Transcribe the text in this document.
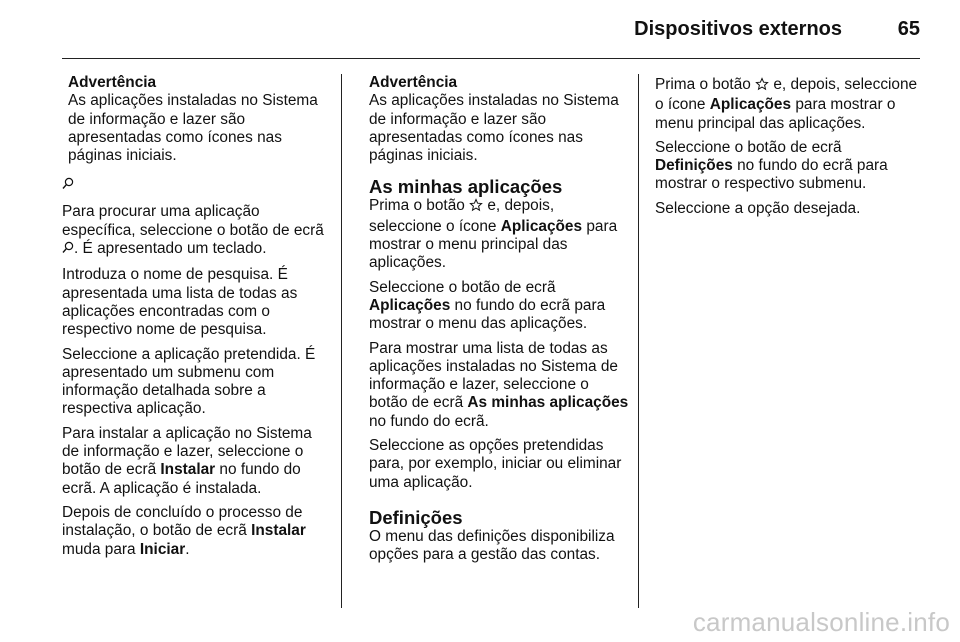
Dispositivos externos	65
Advertência
As aplicações instaladas no Sistema de informação e lazer são apresentadas como ícones nas páginas iniciais.

Para procurar uma aplicação específica, seleccione o botão de ecrã . É apresentado um teclado.

Introduza o nome de pesquisa. É apresentada uma lista de todas as aplicações encontradas com o respectivo nome de pesquisa.

Seleccione a aplicação pretendida. É apresentado um submenu com informação detalhada sobre a respectiva aplicação.

Para instalar a aplicação no Sistema de informação e lazer, seleccione o botão de ecrã Instalar no fundo do ecrã. A aplicação é instalada.

Depois de concluído o processo de instalação, o botão de ecrã Instalar muda para Iniciar.

Advertência
As aplicações instaladas no Sistema de informação e lazer são apresentadas como ícones nas páginas iniciais.
As minhas aplicações

Prima o botão  e, depois, seleccione o ícone Aplicações para mostrar o menu principal das aplicações.

Seleccione o botão de ecrã Aplicações no fundo do ecrã para mostrar o menu das aplicações.

Para mostrar uma lista de todas as aplicações instaladas no Sistema de informação e lazer, seleccione o botão de ecrã As minhas aplicações no fundo do ecrã.

Seleccione as opções pretendidas para, por exemplo, iniciar ou eliminar uma aplicação.

Definições

O menu das definições disponibiliza opções para a gestão das contas.

Prima o botão  e, depois, seleccione o ícone Aplicações para mostrar o menu principal das aplicações.

Seleccione o botão de ecrã Definições no fundo do ecrã para mostrar o respectivo submenu.

Seleccione a opção desejada.

carmanualsonline.info
